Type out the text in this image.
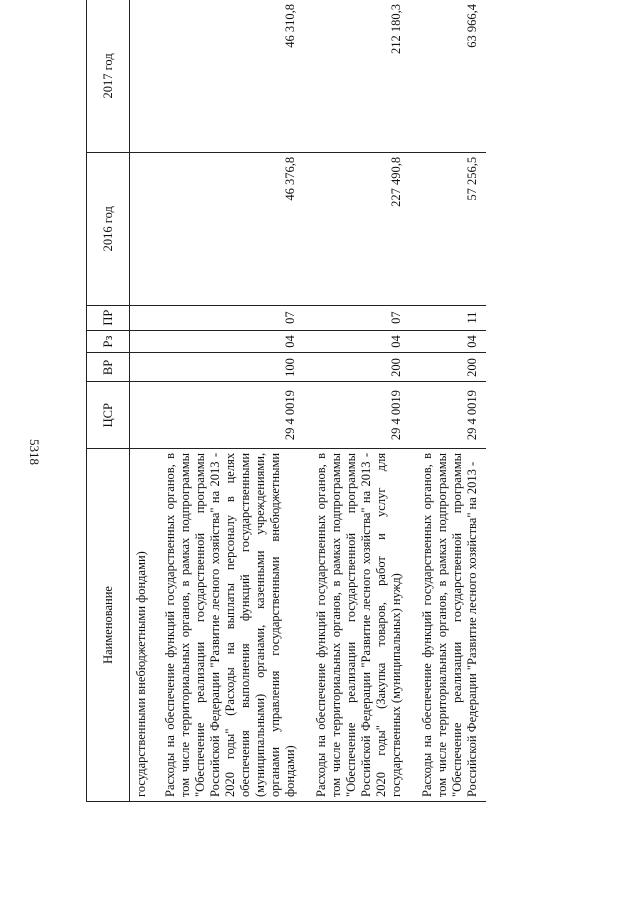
5318
Наименование	ЦСР	ВР	Рз	ПР	2016 год	2017 год
государственными внебюджетными фондами)						

Расходы на обеспечение функций государственных органов, в том числе территориальных органов, в рамках подпрограммы "Обеспечение реализации государственной программы Российской Федерации "Развитие лесного хозяйства" на 2013 - 2020 годы" (Расходы на выплаты персоналу в целях обеспечения выполнения функций государственными (муниципальными) органами, казенными учреждениями, органами управления государственными внебюджетными фондами)	29 4 0019	100	04	07	46 376,8	46 310,8

Расходы на обеспечение функций государственных органов, в том числе территориальных органов, в рамках подпрограммы "Обеспечение реализации государственной программы Российской Федерации "Развитие лесного хозяйства" на 2013 - 2020 годы" (Закупка товаров, работ и услуг для государственных (муниципальных) нужд)	29 4 0019	200	04	07	227 490,8	212 180,3

Расходы на обеспечение функций государственных органов, в том числе территориальных органов, в рамках подпрограммы "Обеспечение реализации государственной программы Российской Федерации "Развитие лесного хозяйства" на 2013 -	29 4 0019	200	04	11	57 256,5	63 966,4
